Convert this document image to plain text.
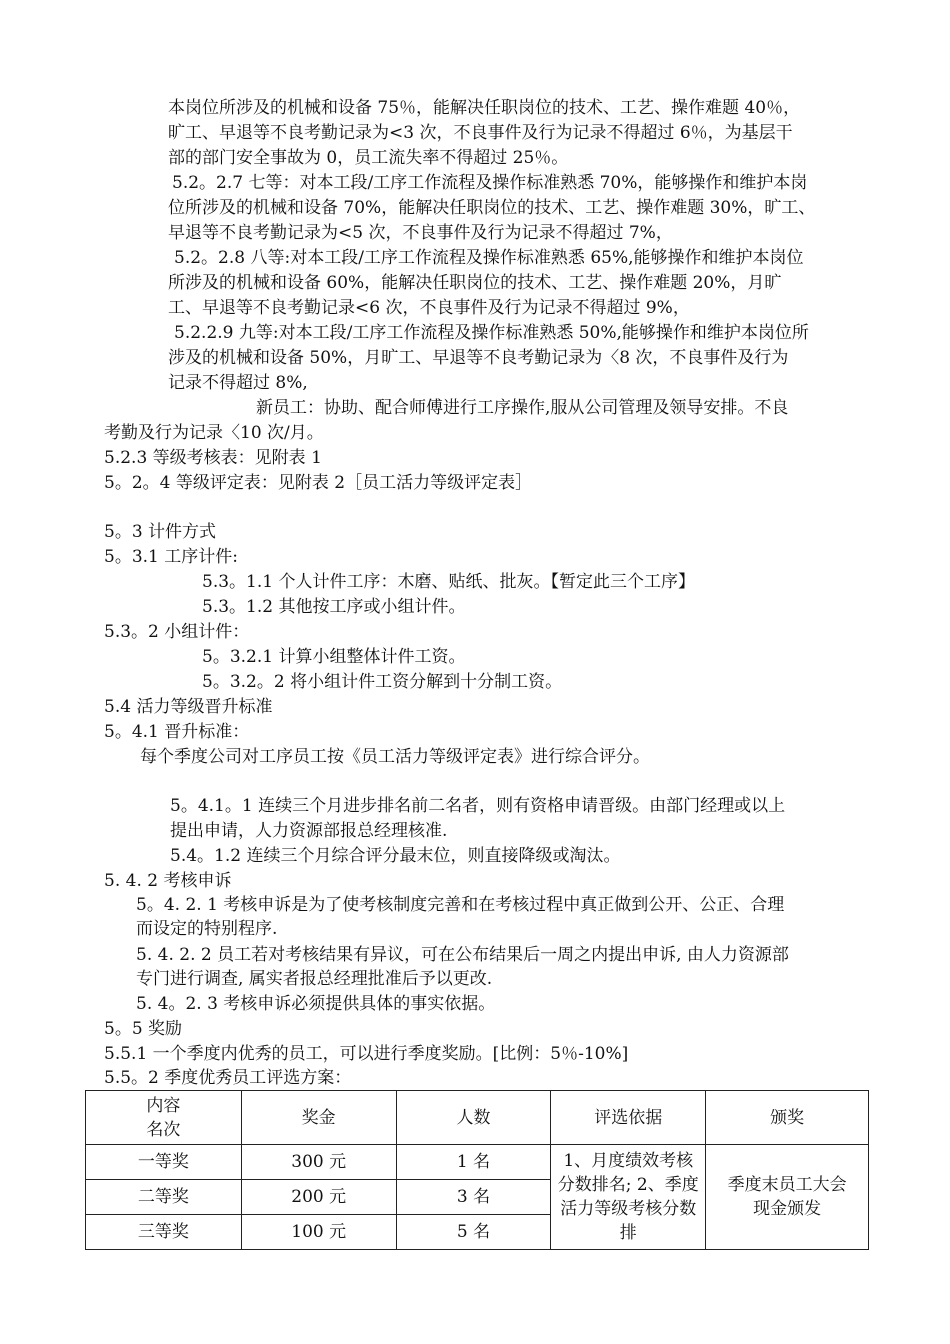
本岗位所涉及的机械和设备 75％，能解决任职岗位的技术、工艺、操作难题 40％，
旷工、早退等不良考勤记录为<3 次，不良事件及行为记录不得超过 6％，为基层干
部的部门安全事故为 0，员工流失率不得超过 25％。
5.2。2.7 七等：对本工段/工序工作流程及操作标准熟悉 70%，能够操作和维护本岗
位所涉及的机械和设备 70%，能解决任职岗位的技术、工艺、操作难题 30%，旷工、
早退等不良考勤记录为<5 次，不良事件及行为记录不得超过 7%，
5.2。2.8 八等:对本工段/工序工作流程及操作标准熟悉 65%,能够操作和维护本岗位
所涉及的机械和设备 60%，能解决任职岗位的技术、工艺、操作难题 20%，月旷
工、早退等不良考勤记录<6 次，不良事件及行为记录不得超过 9%，
5.2.2.9 九等:对本工段/工序工作流程及操作标准熟悉 50%,能够操作和维护本岗位所
涉及的机械和设备 50%，月旷工、早退等不良考勤记录为〈8 次，不良事件及行为
记录不得超过 8%,
新员工：协助、配合师傅进行工序操作,服从公司管理及领导安排。不良
考勤及行为记录〈10 次/月。
5.2.3 等级考核表：见附表 1
5。2。4 等级评定表：见附表 2［员工活力等级评定表］
5。3 计件方式
5。3.1 工序计件:
5.3。1.1 个人计件工序：木磨、贴纸、批灰。【暂定此三个工序】
5.3。1.2 其他按工序或小组计件。
5.3。2 小组计件：
5。3.2.1 计算小组整体计件工资。
5。3.2。2 将小组计件工资分解到十分制工资。
5.4 活力等级晋升标准
5。4.1 晋升标准：
每个季度公司对工序员工按《员工活力等级评定表》进行综合评分。
5。4.1。1 连续三个月进步排名前二名者，则有资格申请晋级。由部门经理或以上
提出申请，人力资源部报总经理核准.
5.4。1.2 连续三个月综合评分最末位，则直接降级或淘汰。
5. 4. 2 考核申诉
5。4. 2. 1 考核申诉是为了使考核制度完善和在考核过程中真正做到公开、公正、合理
而设定的特别程序.
5. 4. 2. 2 员工若对考核结果有异议，可在公布结果后一周之内提出申诉, 由人力资源部
专门进行调查, 属实者报总经理批准后予以更改.
5. 4。2. 3 考核申诉必须提供具体的事实依据。
5。5 奖励
5.5.1 一个季度内优秀的员工，可以进行季度奖励。[比例：5％-10%]
5.5。2 季度优秀员工评选方案：
内容
名次	奖金	人数	评选依据	颁奖
一等奖	300 元	1 名	1、月度绩效考核分数排名; 2、季度活力等级考核分数排	季度末员工大会现金颁发
二等奖	200 元	3 名		
三等奖	100 元	5 名		
